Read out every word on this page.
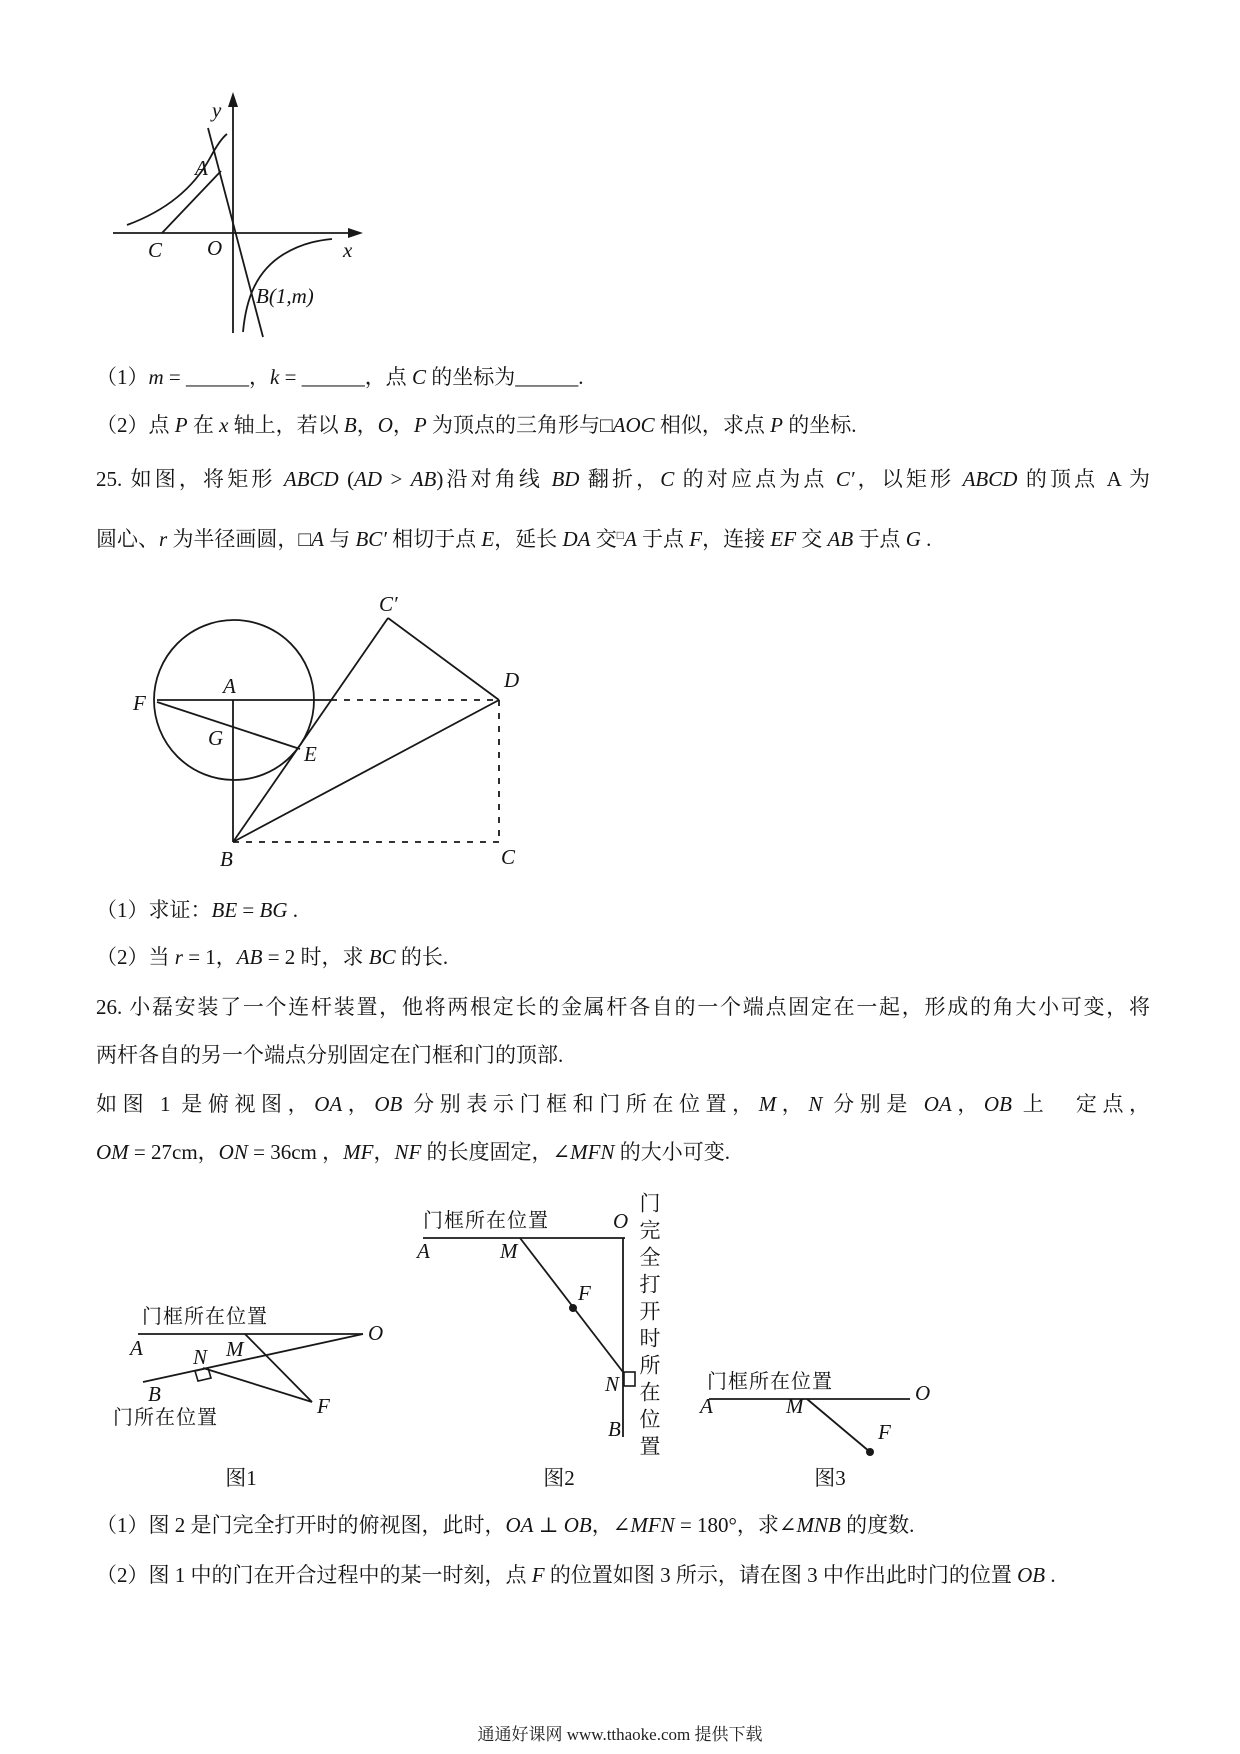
y
x
O
C
A
B(1,m)
（1）m = ______，k = ______，点 C 的坐标为______.
（2）点 P 在 x 轴上，若以 B，O，P 为顶点的三角形与□AOC 相似，求点 P 的坐标.
25. 如图，将矩形 ABCD (AD > AB)沿对角线 BD 翻折，C 的对应点为点 C′，以矩形 ABCD 的顶点 A 为
圆心、r 为半径画圆，□A 与 BC′ 相切于点 E，延长 DA 交□A 于点 F，连接 EF 交 AB 于点 G .
F
A
G
E
B	C
D
C′
（1）求证：BE = BG .
（2）当 r = 1，AB = 2 时，求 BC 的长.
26. 小磊安装了一个连杆装置，他将两根定长的金属杆各自的一个端点固定在一起，形成的角大小可变，将
两杆各自的另一个端点分别固定在门框和门的顶部.
如图 1 是俯视图，OA，OB 分别表示门框和门所在位置，M，N 分别是 OA，OB 上　定点，
OM = 27cm，ON = 36cm ，MF，NF 的长度固定，∠MFN 的大小可变.
门框所在位置
A N M
O
B	F
门所在位置
图1
门框所在位置
A	M
O
F
N
B 门完全打开时所在位置
图2
门框所在位置
A	M
O
F
图3
（1）图 2 是门完全打开时的俯视图，此时，OA ⊥ OB，∠MFN = 180°，求∠MNB 的度数.
（2）图 1 中的门在开合过程中的某一时刻，点 F 的位置如图 3 所示，请在图 3 中作出此时门的位置 OB .
通通好课网 www.tthaoke.com 提供下载
